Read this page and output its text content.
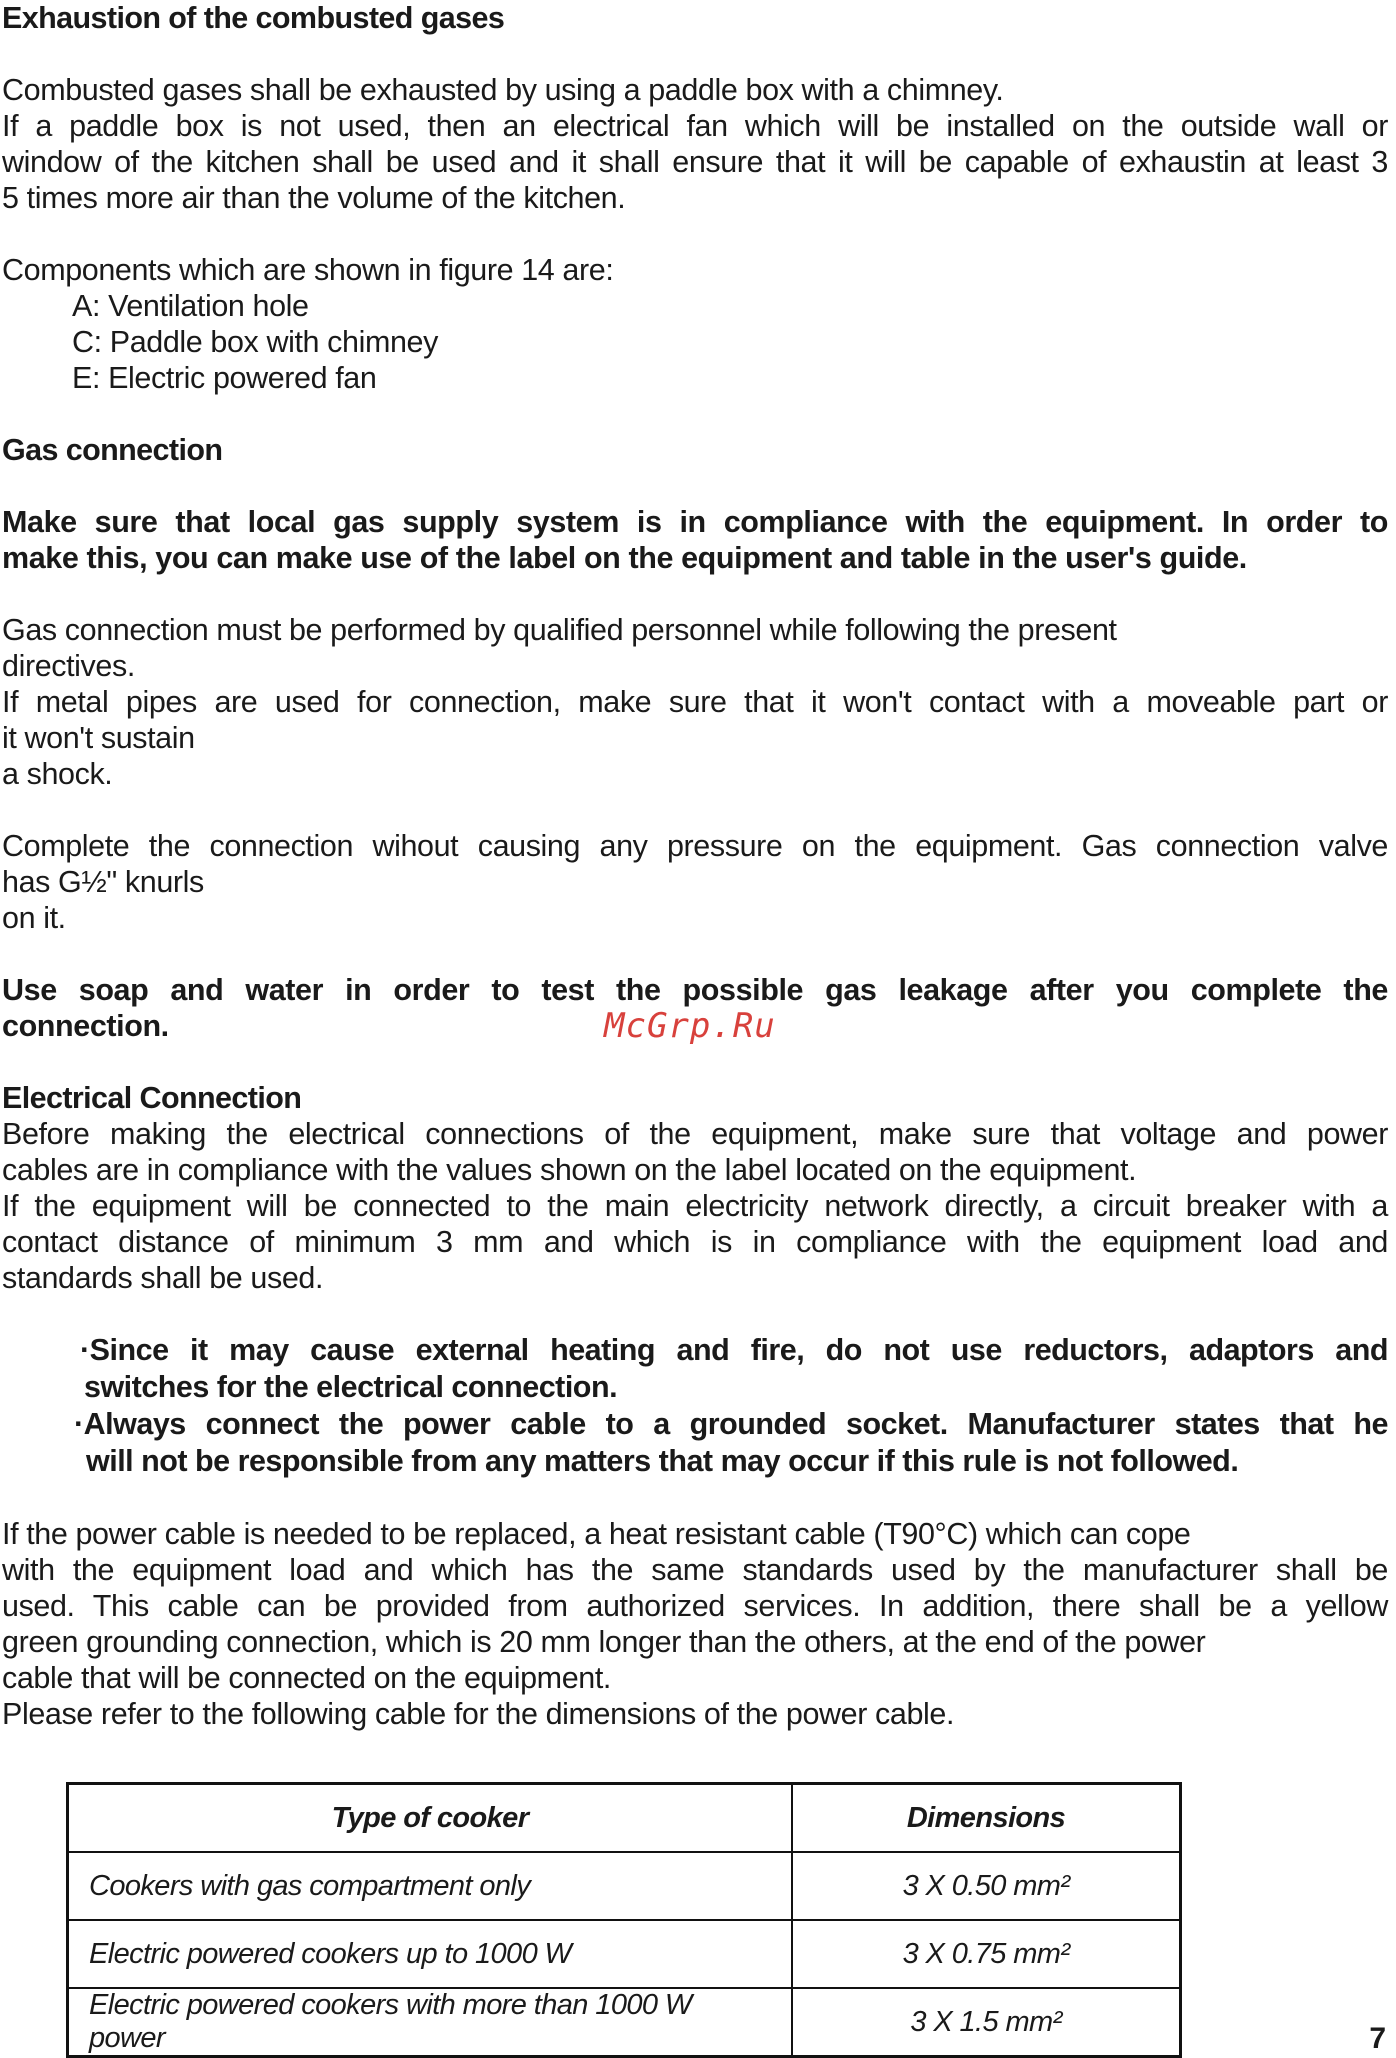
Exhaustion of the combusted gases

Combusted gases shall be exhausted by using a paddle box with a chimney.

If a paddle box is not used, then an electrical fan which will be installed on the outside wall or

window of the kitchen shall be used and it shall ensure that it will be capable of exhaustin at least 3

5 times more air than the volume of the kitchen.

Components which are shown in figure 14 are:

A: Ventilation hole

C: Paddle box with chimney

E: Electric powered fan

Gas connection

Make sure that local gas supply system is in compliance with the equipment. In order to

make this, you can make use of the label on the equipment and table in the user's guide.

Gas connection must be performed by qualified personnel while following the present

directives.

If metal pipes are used for connection, make sure that it won't contact with a moveable part or

it won't sustain

a shock.

Complete the connection wihout causing any pressure on the equipment. Gas connection valve

has G½" knurls

on it.

Use soap and water in order to test the possible gas leakage after you complete the

connection.

Electrical Connection

Before making the electrical connections of the equipment, make sure that voltage and power

cables are in compliance with the values shown on the label located on the equipment.

If the equipment will be connected to the main electricity network directly, a circuit breaker with a

contact distance of minimum 3 mm and which is in compliance with the equipment load and

standards shall be used.

·Since it may cause external heating and fire, do not use reductors, adaptors and

switches for the electrical connection.

·Always connect the power cable to a grounded socket. Manufacturer states that he

will not be responsible from any matters that may occur if this rule is not followed.

If the power cable is needed to be replaced, a heat resistant cable (T90°C) which can cope

with the equipment load and which has the same standards used by the manufacturer shall be

used. This cable can be provided from authorized services. In addition, there shall be a yellow

green grounding connection, which is 20 mm longer than the others, at the end of the power

cable that will be connected on the equipment.

Please refer to the following cable for the dimensions of the power cable.

McGrp.Ru
Type of cooker	Dimensions
Cookers with gas compartment only	3 X 0.50 mm²
Electric powered cookers up to 1000 W	3 X 0.75 mm²
Electric powered cookers with more than 1000 W power	3 X 1.5 mm²
7
